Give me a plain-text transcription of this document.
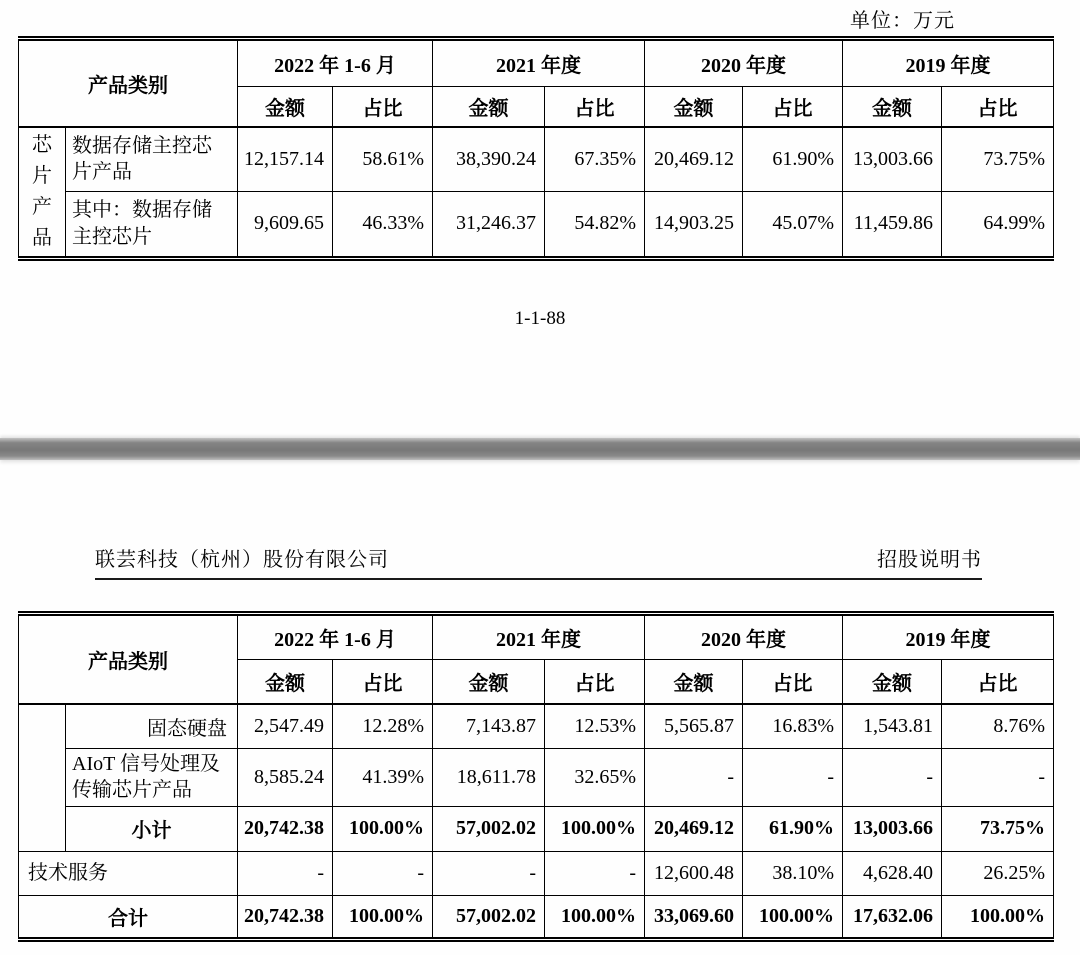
单位：万元
产品类别		2022 年 1-6 月		2021 年度		2020 年度		2019 年度	
		金额	占比	金额	占比	金额	占比	金额	占比
芯片产品	数据存储主控芯片产品	12,157.14	58.61%	38,390.24	67.35%	20,469.12	61.90%	13,003.66	73.75%
	其中：数据存储主控芯片	9,609.65	46.33%	31,246.37	54.82%	14,903.25	45.07%	11,459.86	64.99%
1-1-88
联芸科技（杭州）股份有限公司	招股说明书
产品类别		2022 年 1-6 月		2021 年度		2020 年度		2019 年度	
		金额	占比	金额	占比	金额	占比	金额	占比
	固态硬盘	2,547.49	12.28%	7,143.87	12.53%	5,565.87	16.83%	1,543.81	8.76%
	AIoT 信号处理及传输芯片产品	8,585.24	41.39%	18,611.78	32.65%	-	-	-	-
	小计	20,742.38	100.00%	57,002.02	100.00%	20,469.12	61.90%	13,003.66	73.75%
技术服务		-	-	-	-	12,600.48	38.10%	4,628.40	26.25%
合计		20,742.38	100.00%	57,002.02	100.00%	33,069.60	100.00%	17,632.06	100.00%
